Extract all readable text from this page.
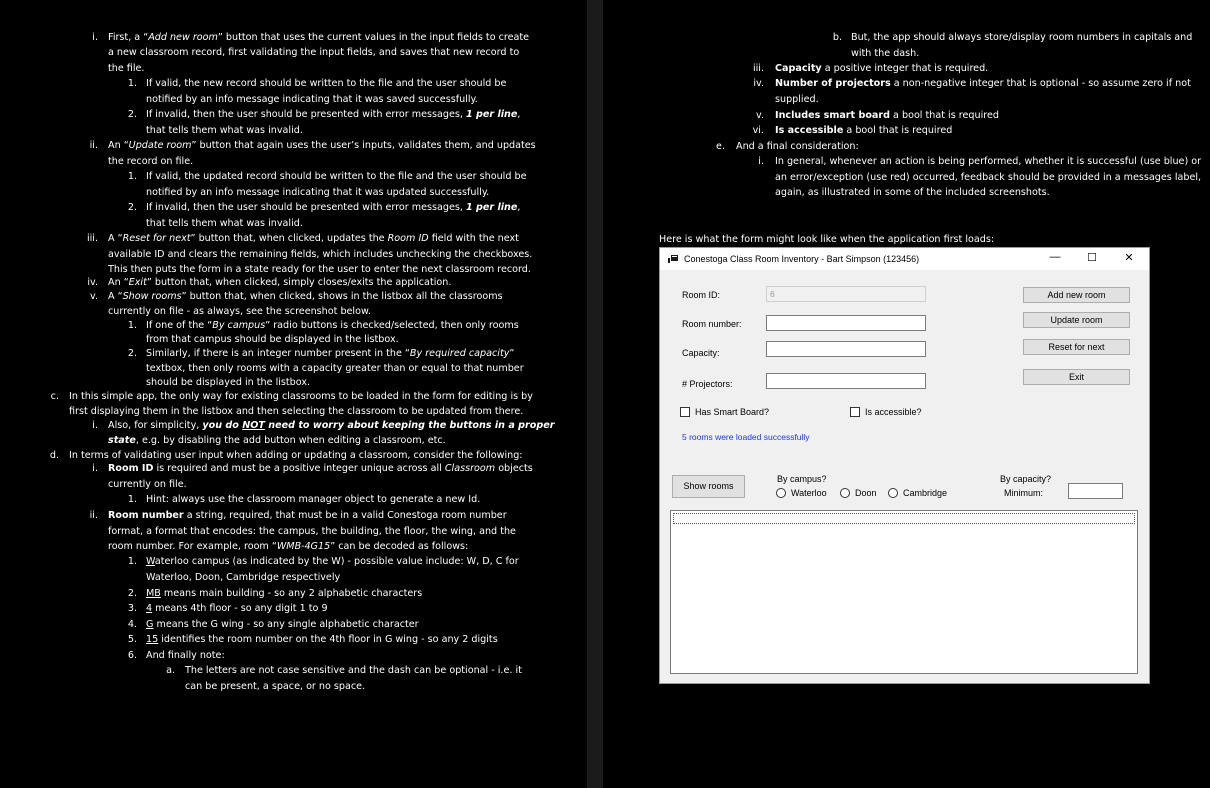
i. First, a “Add new room” button that uses the current values in the input fields to create
a new classroom record, first validating the input fields, and saves that new record to
the file.
1. If valid, the new record should be written to the file and the user should be
notified by an info message indicating that it was saved successfully.
2. If invalid, then the user should be presented with error messages, 1 per line,
that tells them what was invalid.
ii. An “Update room” button that again uses the user’s inputs, validates them, and updates
the record on file.
1. If valid, the updated record should be written to the file and the user should be
notified by an info message indicating that it was updated successfully.
2. If invalid, then the user should be presented with error messages, 1 per line,
that tells them what was invalid.
iii. A “Reset for next” button that, when clicked, updates the Room ID field with the next
available ID and clears the remaining fields, which includes unchecking the checkboxes.
This then puts the form in a state ready for the user to enter the next classroom record.
iv. An “Exit” button that, when clicked, simply closes/exits the application.
v. A “Show rooms” button that, when clicked, shows in the listbox all the classrooms
currently on file - as always, see the screenshot below.
1. If one of the “By campus” radio buttons is checked/selected, then only rooms
from that campus should be displayed in the listbox.
2. Similarly, if there is an integer number present in the “By required capacity”
textbox, then only rooms with a capacity greater than or equal to that number
should be displayed in the listbox.
c. In this simple app, the only way for existing classrooms to be loaded in the form for editing is by
first displaying them in the listbox and then selecting the classroom to be updated from there.
i. Also, for simplicity, you do NOT need to worry about keeping the buttons in a proper
state, e.g. by disabling the add button when editing a classroom, etc.
d. In terms of validating user input when adding or updating a classroom, consider the following:
i. Room ID is required and must be a positive integer unique across all Classroom objects
currently on file.
1. Hint: always use the classroom manager object to generate a new Id.
ii. Room number a string, required, that must be in a valid Conestoga room number
format, a format that encodes: the campus, the building, the floor, the wing, and the
room number. For example, room “WMB-4G15” can be decoded as follows:
1. Waterloo campus (as indicated by the W) - possible value include: W, D, C for
Waterloo, Doon, Cambridge respectively
2. MB means main building - so any 2 alphabetic characters
3. 4 means 4th floor - so any digit 1 to 9
4. G means the G wing - so any single alphabetic character
5. 15 identifies the room number on the 4th floor in G wing - so any 2 digits
6. And finally note:
a. The letters are not case sensitive and the dash can be optional - i.e. it
can be present, a space, or no space.
b. But, the app should always store/display room numbers in capitals and
with the dash.
iii. Capacity a positive integer that is required.
iv. Number of projectors a non-negative integer that is optional - so assume zero if not
supplied.
v. Includes smart board a bool that is required
vi. Is accessible a bool that is required
e. And a final consideration:
i. In general, whenever an action is being performed, whether it is successful (use blue) or
an error/exception (use red) occurred, feedback should be provided in a messages label,
again, as illustrated in some of the included screenshots.
Here is what the form might look like when the application first loads:
Conestoga Class Room Inventory - Bart Simpson (123456)	—	☐	✕
Room ID:	6
Room number:
Capacity:
# Projectors:
Has Smart Board?	Is accessible?
5 rooms were loaded successfully
Add new room
Update room
Reset for next
Exit
Show rooms
By campus?
Waterloo	Doon	Cambridge
By capacity?
Minimum:
